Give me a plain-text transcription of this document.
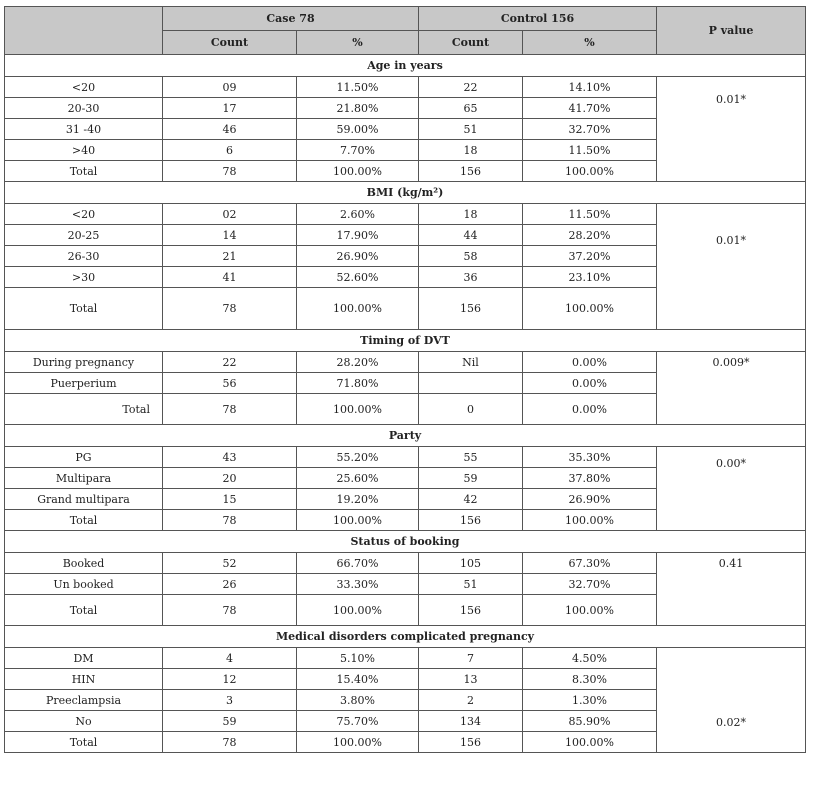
	Case 78		Control 156		P value
	Count	%	Count	%	
Age in years					
<20	09	11.50%	22	14.10%	0.01*

20-30	17	21.80%	65	41.70%	
31 -40	46	59.00%	51	32.70%	
>40	6	7.70%	18	11.50%	
Total	78	100.00%	156	100.00%	
BMI (kg/m²)					
<20	02	2.60%	18	11.50%	0.01*

20-25	14	17.90%	44	28.20%	
26-30	21	26.90%	58	37.20%	
>30	41	52.60%	36	23.10%	
Total	78	100.00%	156	100.00%	
Timing of DVT					
During pregnancy	22	28.20%	Nil	0.00%	0.009*

Puerperium	56	71.80%		0.00%	
Total	78	100.00%	0	0.00%	
Party					
PG	43	55.20%	55	35.30%	0.00*

Multipara	20	25.60%	59	37.80%	
Grand multipara	15	19.20%	42	26.90%	
Total	78	100.00%	156	100.00%	
Status of booking					
Booked	52	66.70%	105	67.30%	0.41

Un booked	26	33.30%	51	32.70%	
Total	78	100.00%	156	100.00%	
Medical disorders complicated pregnancy					
DM	4	5.10%	7	4.50%	0.02*

HIN	12	15.40%	13	8.30%	
Preeclampsia	3	3.80%	2	1.30%	
No	59	75.70%	134	85.90%	
Total	78	100.00%	156	100.00%	
